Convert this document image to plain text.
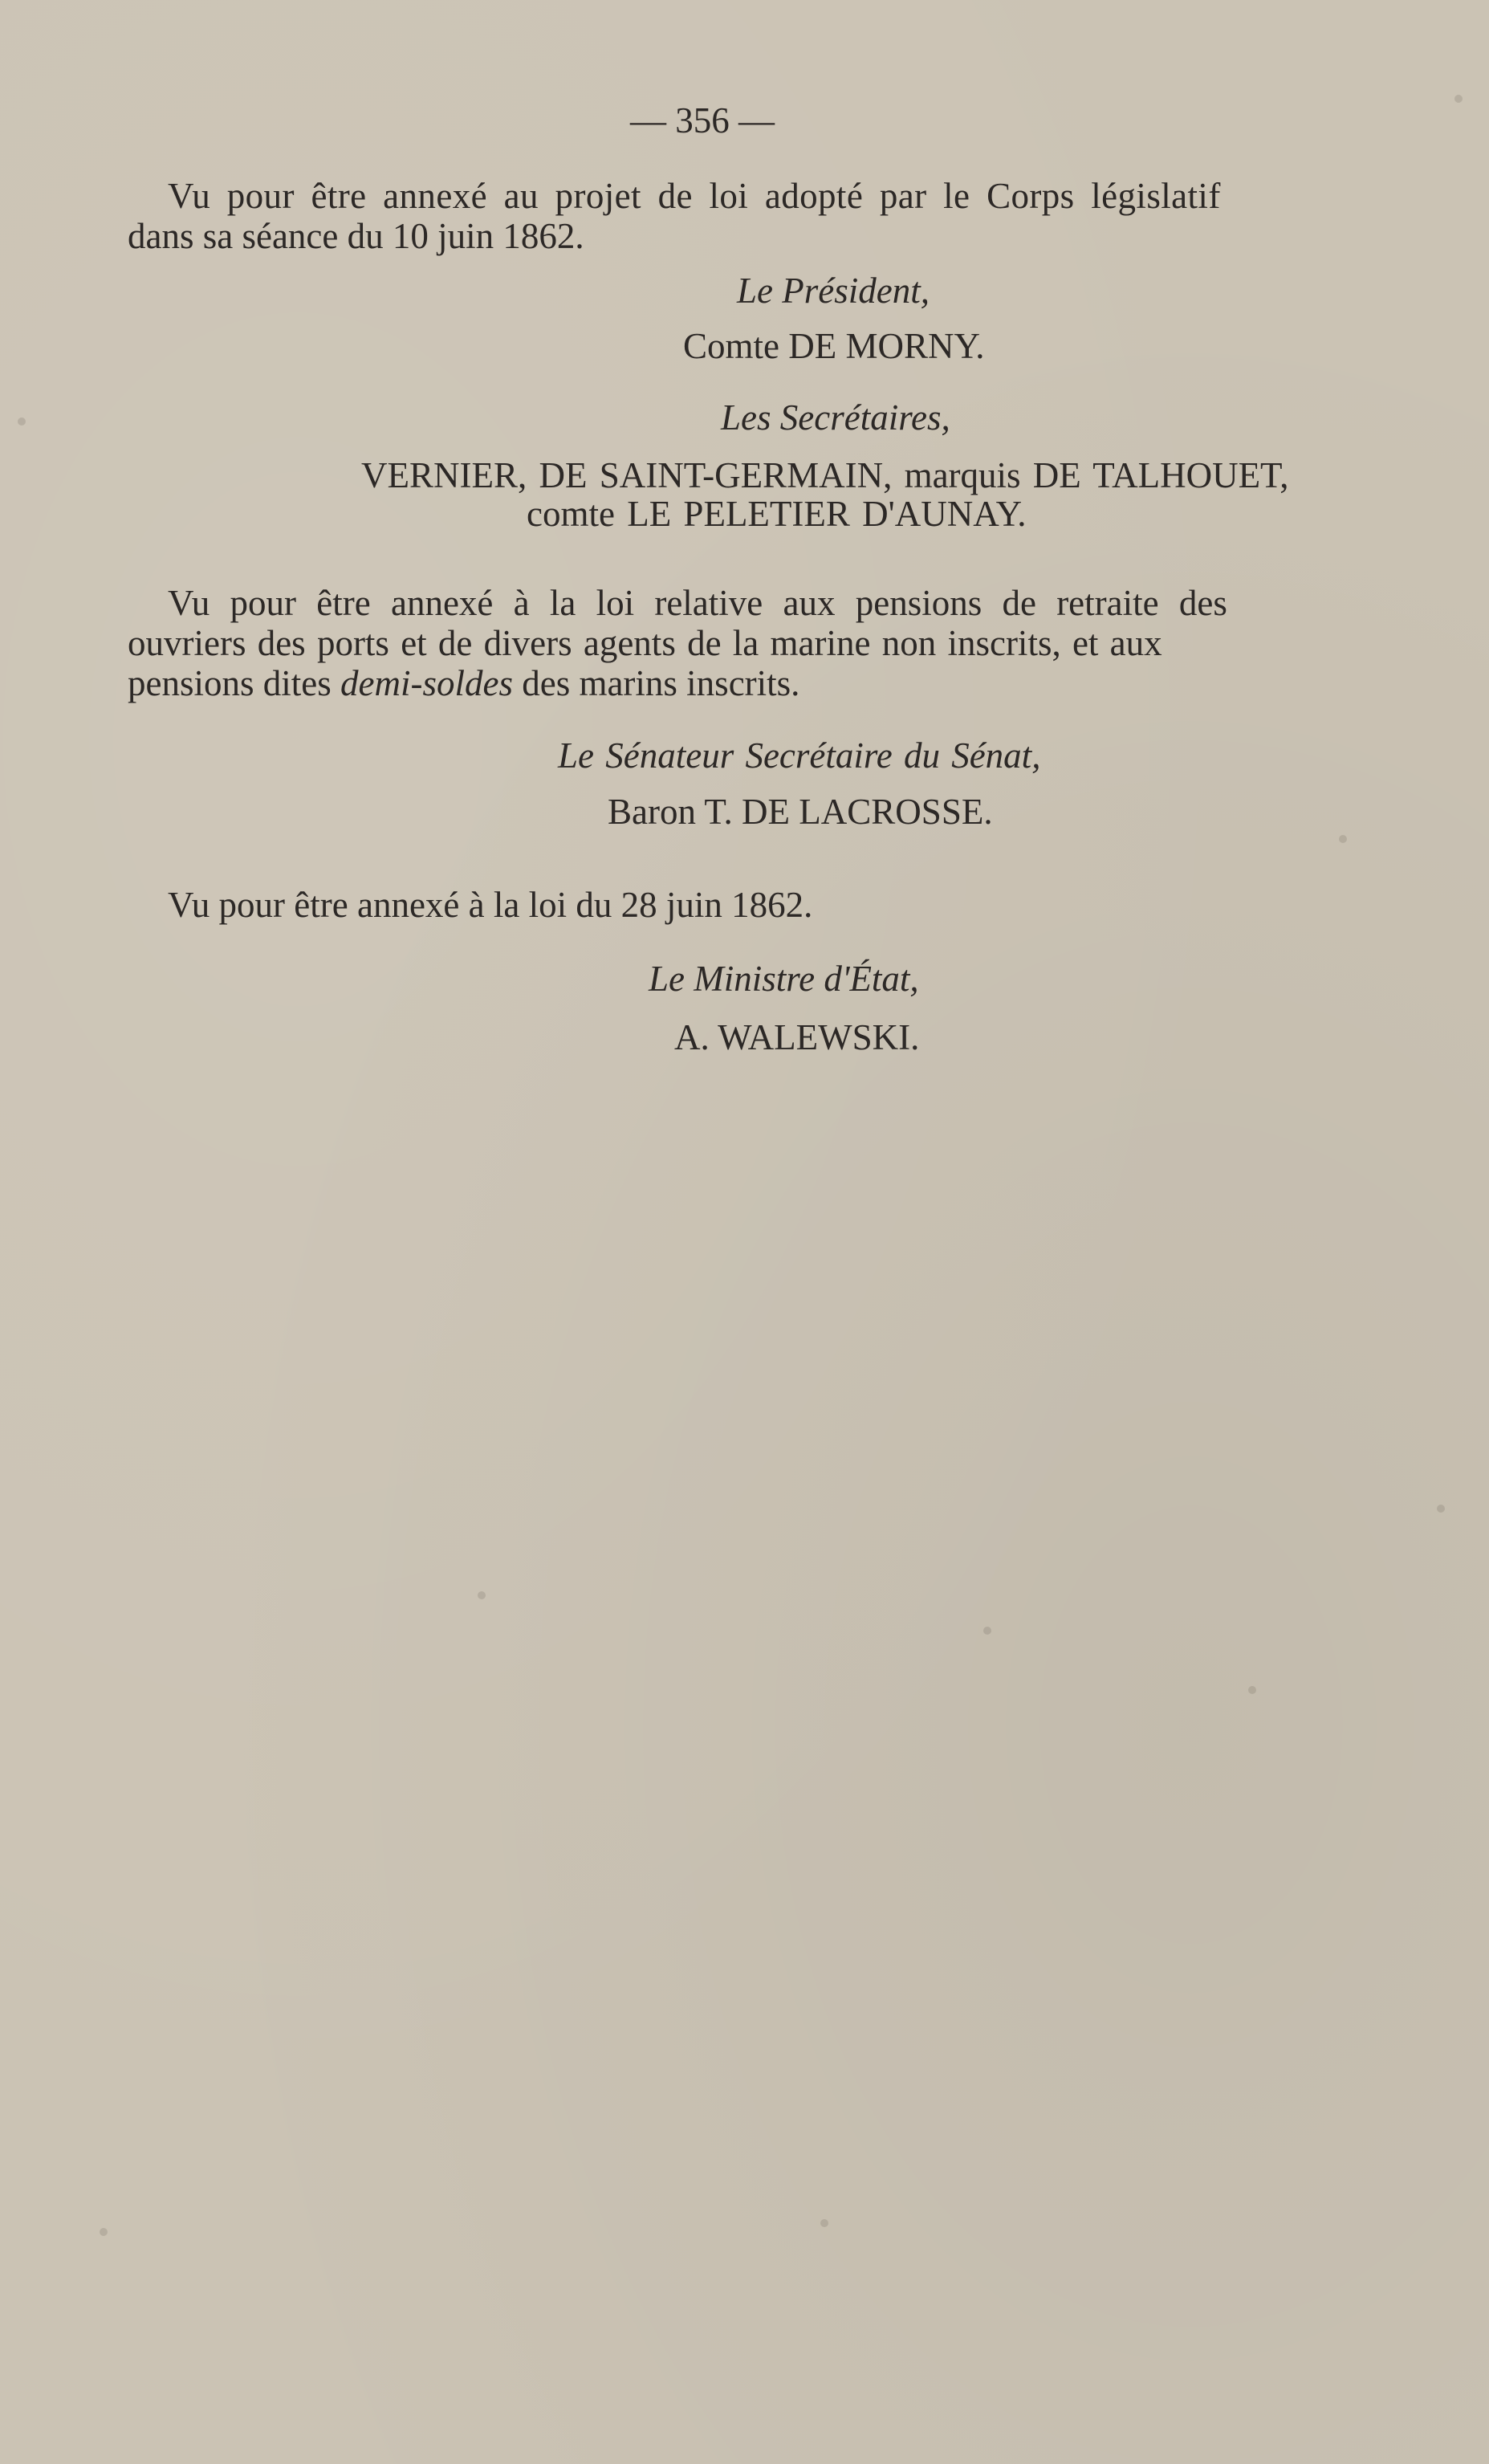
— 356 —
Vu pour être annexé au projet de loi adopté par le Corps législatif
dans sa séance du 10 juin 1862.
Le Président,
Comte DE MORNY.
Les Secrétaires,
VERNIER, DE SAINT-GERMAIN, marquis DE TALHOUET,
comte LE PELETIER D'AUNAY.
Vu pour être annexé à la loi relative aux pensions de retraite des
ouvriers des ports et de divers agents de la marine non inscrits, et aux
pensions dites demi-soldes des marins inscrits.
Le Sénateur Secrétaire du Sénat,
Baron T. DE LACROSSE.
Vu pour être annexé à la loi du 28 juin 1862.
Le Ministre d'État,
A. WALEWSKI.
